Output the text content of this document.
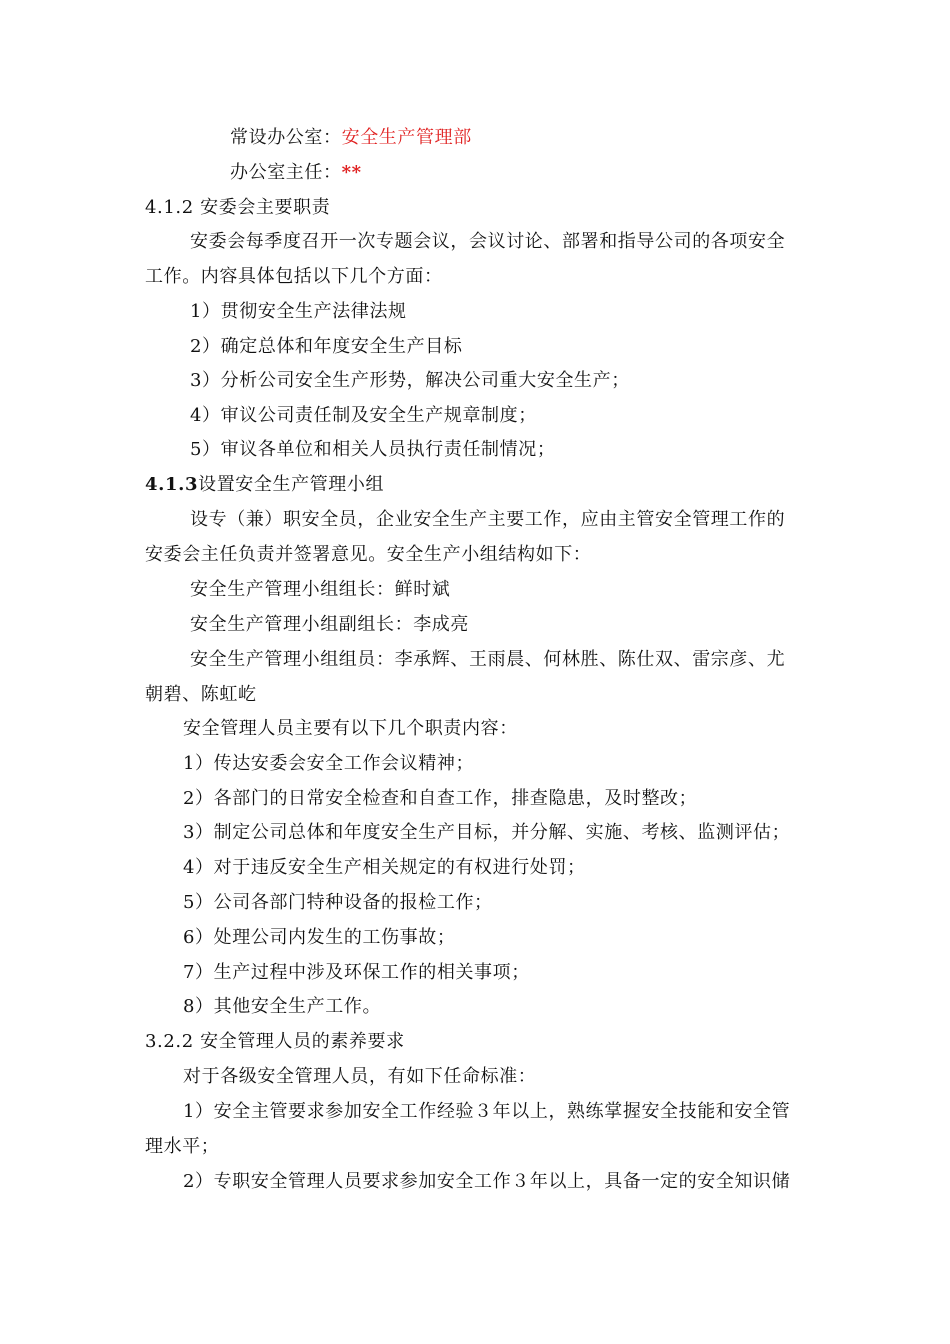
常设办公室：安全生产管理部
办公室主任：**
4.1.2 安委会主要职责
安委会每季度召开一次专题会议，会议讨论、部署和指导公司的各项安全
工作。内容具体包括以下几个方面：
1）贯彻安全生产法律法规
2）确定总体和年度安全生产目标
3）分析公司安全生产形势，解决公司重大安全生产；
4）审议公司责任制及安全生产规章制度；
5）审议各单位和相关人员执行责任制情况；
4.1.3设置安全生产管理小组
设专（兼）职安全员，企业安全生产主要工作，应由主管安全管理工作的
安委会主任负责并签署意见。安全生产小组结构如下：
安全生产管理小组组长：鲜时斌
安全生产管理小组副组长：李成亮
安全生产管理小组组员：李承辉、王雨晨、何林胜、陈仕双、雷宗彦、尤
朝碧、陈虹屹
安全管理人员主要有以下几个职责内容：
1）传达安委会安全工作会议精神；
2）各部门的日常安全检查和自查工作，排查隐患，及时整改；
3）制定公司总体和年度安全生产目标，并分解、实施、考核、监测评估；
4）对于违反安全生产相关规定的有权进行处罚；
5）公司各部门特种设备的报检工作；
6）处理公司内发生的工伤事故；
7）生产过程中涉及环保工作的相关事项；
8）其他安全生产工作。
3.2.2 安全管理人员的素养要求
对于各级安全管理人员，有如下任命标准：
1）安全主管要求参加安全工作经验３年以上，熟练掌握安全技能和安全管
理水平；
2）专职安全管理人员要求参加安全工作３年以上，具备一定的安全知识储
